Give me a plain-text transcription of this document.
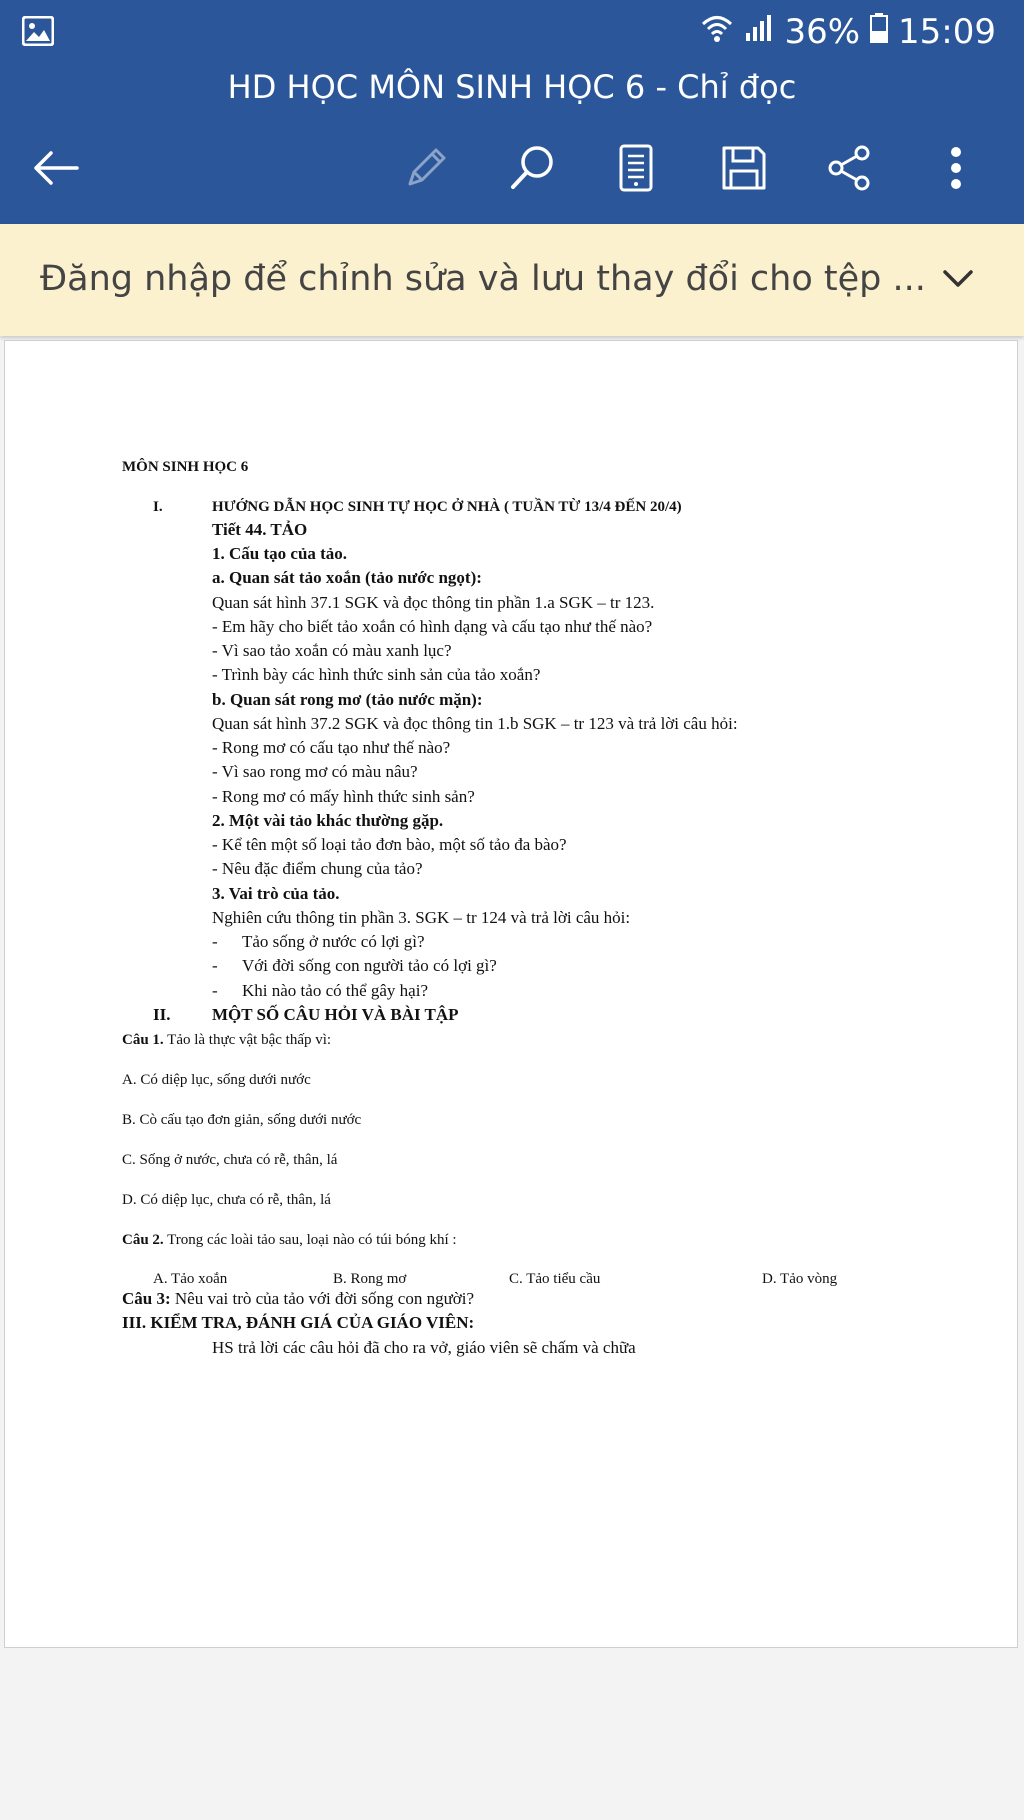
36% 15:09
HD HỌC MÔN SINH HỌC 6 - Chỉ đọc
Đăng nhập để chỉnh sửa và lưu thay đổi cho tệp ...
MÔN SINH HỌC 6
I.	HƯỚNG DẪN HỌC SINH TỰ HỌC Ở NHÀ ( TUẦN TỪ 13/4 ĐẾN 20/4)
Tiết 44. TẢO
1. Cấu tạo của tảo.
a. Quan sát tảo xoắn (tảo nước ngọt):
Quan sát hình 37.1 SGK và đọc thông tin phần 1.a SGK – tr 123.
- Em hãy cho biết tảo xoắn có hình dạng và cấu tạo như thế nào?
- Vì sao tảo xoắn có màu xanh lục?
- Trình bày các hình thức sinh sản của tảo xoắn?
b. Quan sát rong mơ (tảo nước mặn):
Quan sát hình 37.2 SGK và đọc thông tin 1.b SGK – tr 123 và trả lời câu hỏi:
- Rong mơ có cấu tạo như thế nào?
- Vì sao rong mơ có màu nâu?
- Rong mơ có mấy hình thức sinh sản?
2. Một vài tảo khác thường gặp.
- Kể tên một số loại tảo đơn bào, một số tảo đa bào?
- Nêu đặc điểm chung của tảo?
3. Vai trò của tảo.
Nghiên cứu thông tin phần 3. SGK – tr 124 và trả lời câu hỏi:
- Tảo sống ở nước có lợi gì?
- Với đời sống con người tảo có lợi gì?
- Khi nào tảo có thể gây hại?
II. MỘT SỐ CÂU HỎI VÀ BÀI TẬP
Câu 1. Tảo là thực vật bậc thấp vì:
A. Có diệp lục, sống dưới nước
B. Cò cấu tạo đơn giản, sống dưới nước
C. Sống ở nước, chưa có rễ, thân, lá
D. Có diệp lục, chưa có rễ, thân, lá
Câu 2. Trong các loài tảo sau, loại nào có túi bóng khí :
A. Tảo xoắn	B. Rong mơ	C. Tảo tiểu cầu	D. Tảo vòng
Câu 3: Nêu vai trò của tảo với đời sống con người?
III. KIỂM TRA, ĐÁNH GIÁ CỦA GIÁO VIÊN:
HS trả lời các câu hỏi đã cho ra vở, giáo viên sẽ chấm và chữa
